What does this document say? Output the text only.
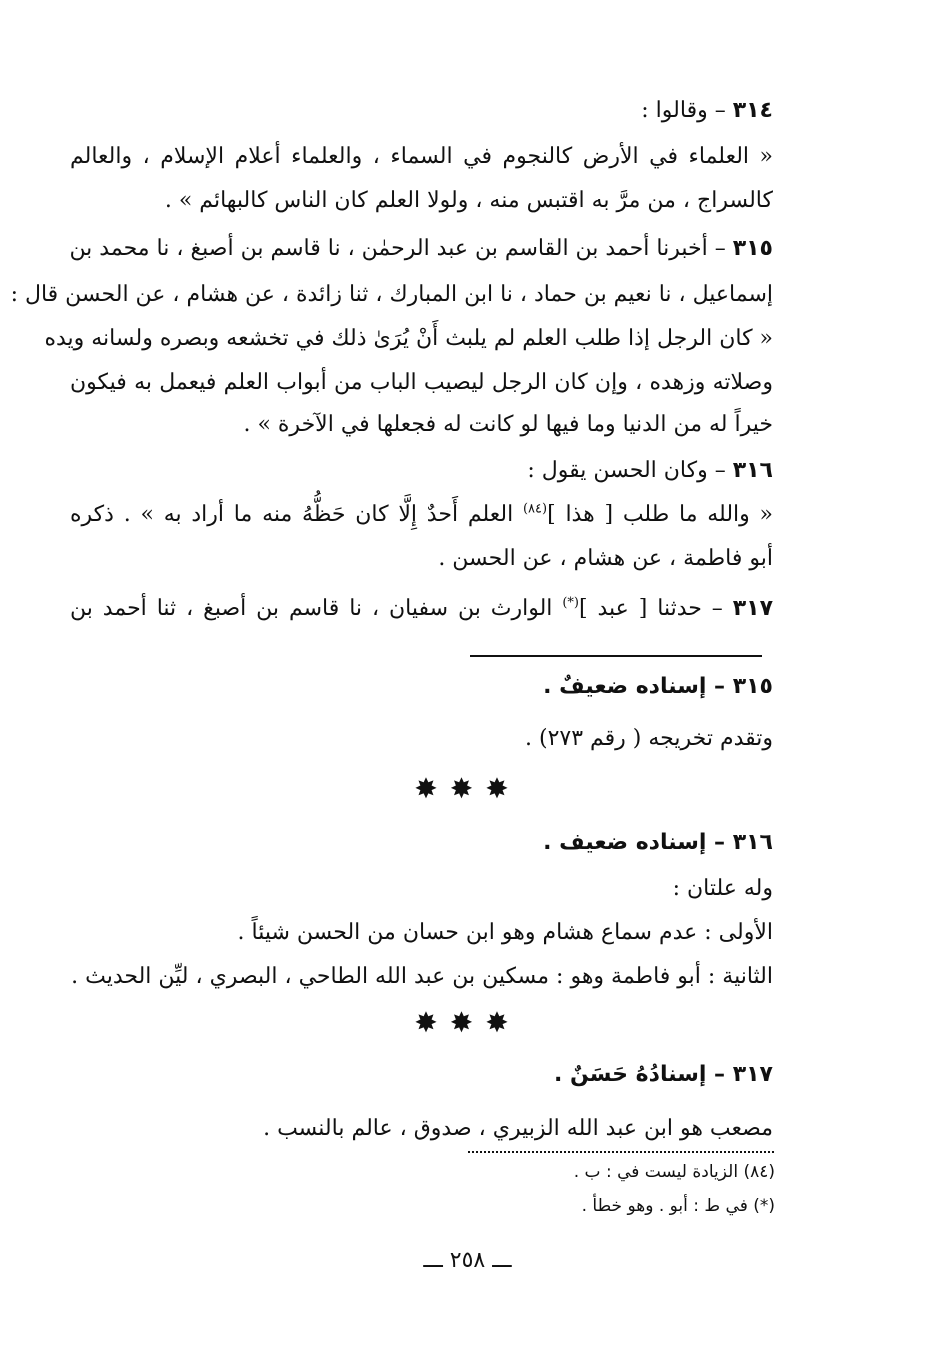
٣١٤ – وقالوا :
« العلماء في الأرض كالنجوم في السماء ، والعلماء أعلام الإسلام ، والعالم
كالسراج ، من مرَّ به اقتبس منه ، ولولا العلم كان الناس كالبهائم » .
٣١٥ – أخبرنا أحمد بن القاسم بن عبد الرحمٰن ، نا قاسم بن أصبغ ، نا محمد بن
إسماعيل ، نا نعيم بن حماد ، نا ابن المبارك ، ثنا زائدة ، عن هشام ، عن الحسن قال :
« كان الرجل إذا طلب العلم لم يلبث أَنْ يُرَىٰ ذلك في تخشعه وبصره ولسانه ويده
وصلاته وزهده ، وإن كان الرجل ليصيب الباب من أبواب العلم فيعمل به فيكون
خيراً له من الدنيا وما فيها لو كانت له فجعلها في الآخرة » .
٣١٦ – وكان الحسن يقول :
« والله ما طلب [ هذا ]$^{(٨٤)}$ العلم أَحدٌ إِلَّا كان حَظُّهُ منه ما أراد به » . ذكره
أبو فاطمة ، عن هشام ، عن الحسن .
٣١٧ – حدثنا [ عبد ](*) الوارث بن سفيان ، نا قاسم بن أصبغ ، ثنا أحمد بن
٣١٥ – إسناده ضعيفٌ .
وتقدم تخريجه ( رقم ٢٧٣) .
✸✸✸
٣١٦ – إسناده ضعيف .
وله علتان :
الأولى : عدم سماع هشام وهو ابن حسان من الحسن شيئاً .
الثانية : أبو فاطمة وهو : مسكين بن عبد الله الطاحي ، البصري ، ليِّن الحديث .
✸✸✸
٣١٧ – إسنادُهُ حَسَنٌ .
مصعب هو ابن عبد الله الزبيري ، صدوق ، عالم بالنسب .
(٨٤) الزيادة ليست في : ب .
(*) في ط : أبو . وهو خطأ .
ـــ ٢٥٨ ـــ
